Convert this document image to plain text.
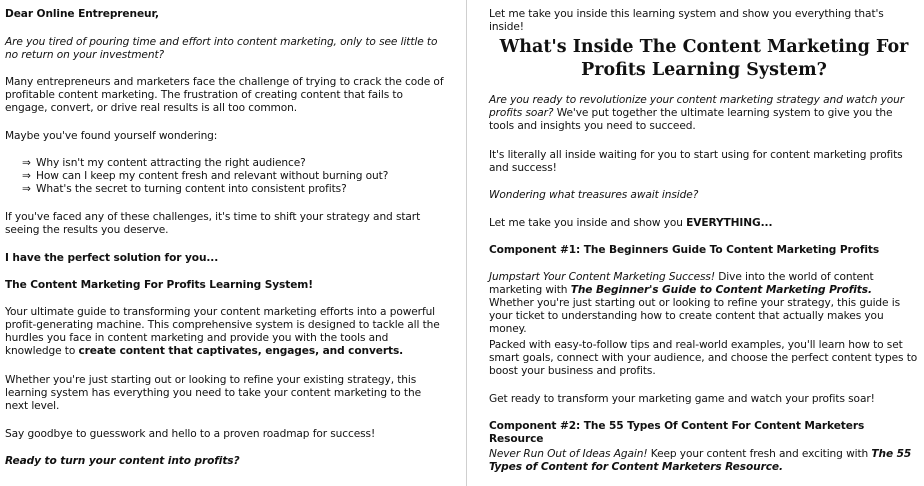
Dear Online Entrepreneur,

Are you tired of pouring time and effort into content marketing, only to see little to no return on your investment?

Many entrepreneurs and marketers face the challenge of trying to crack the code of profitable content marketing. The frustration of creating content that fails to engage, convert, or drive real results is all too common.

Maybe you've found yourself wondering:

⇒ Why isn't my content attracting the right audience?
⇒ How can I keep my content fresh and relevant without burning out?
⇒ What's the secret to turning content into consistent profits?

If you've faced any of these challenges, it's time to shift your strategy and start seeing the results you deserve.

I have the perfect solution for you...

The Content Marketing For Profits Learning System!

Your ultimate guide to transforming your content marketing efforts into a powerful profit-generating machine. This comprehensive system is designed to tackle all the hurdles you face in content marketing and provide you with the tools and knowledge to create content that captivates, engages, and converts.

Whether you're just starting out or looking to refine your existing strategy, this learning system has everything you need to take your content marketing to the next level.

Say goodbye to guesswork and hello to a proven roadmap for success!

Ready to turn your content into profits?

Let me take you inside this learning system and show you everything that's inside!

What's Inside The Content Marketing For Profits Learning System?

Are you ready to revolutionize your content marketing strategy and watch your profits soar? We've put together the ultimate learning system to give you the tools and insights you need to succeed.

It's literally all inside waiting for you to start using for content marketing profits and success!

Wondering what treasures await inside?

Let me take you inside and show you EVERYTHING...

Component #1: The Beginners Guide To Content Marketing Profits

Jumpstart Your Content Marketing Success! Dive into the world of content marketing with The Beginner's Guide to Content Marketing Profits. Whether you're just starting out or looking to refine your strategy, this guide is your ticket to understanding how to create content that actually makes you money.

Packed with easy-to-follow tips and real-world examples, you'll learn how to set smart goals, connect with your audience, and choose the perfect content types to boost your business and profits.

Get ready to transform your marketing game and watch your profits soar!

Component #2: The 55 Types Of Content For Content Marketers Resource

Never Run Out of Ideas Again! Keep your content fresh and exciting with The 55 Types of Content for Content Marketers Resource.
